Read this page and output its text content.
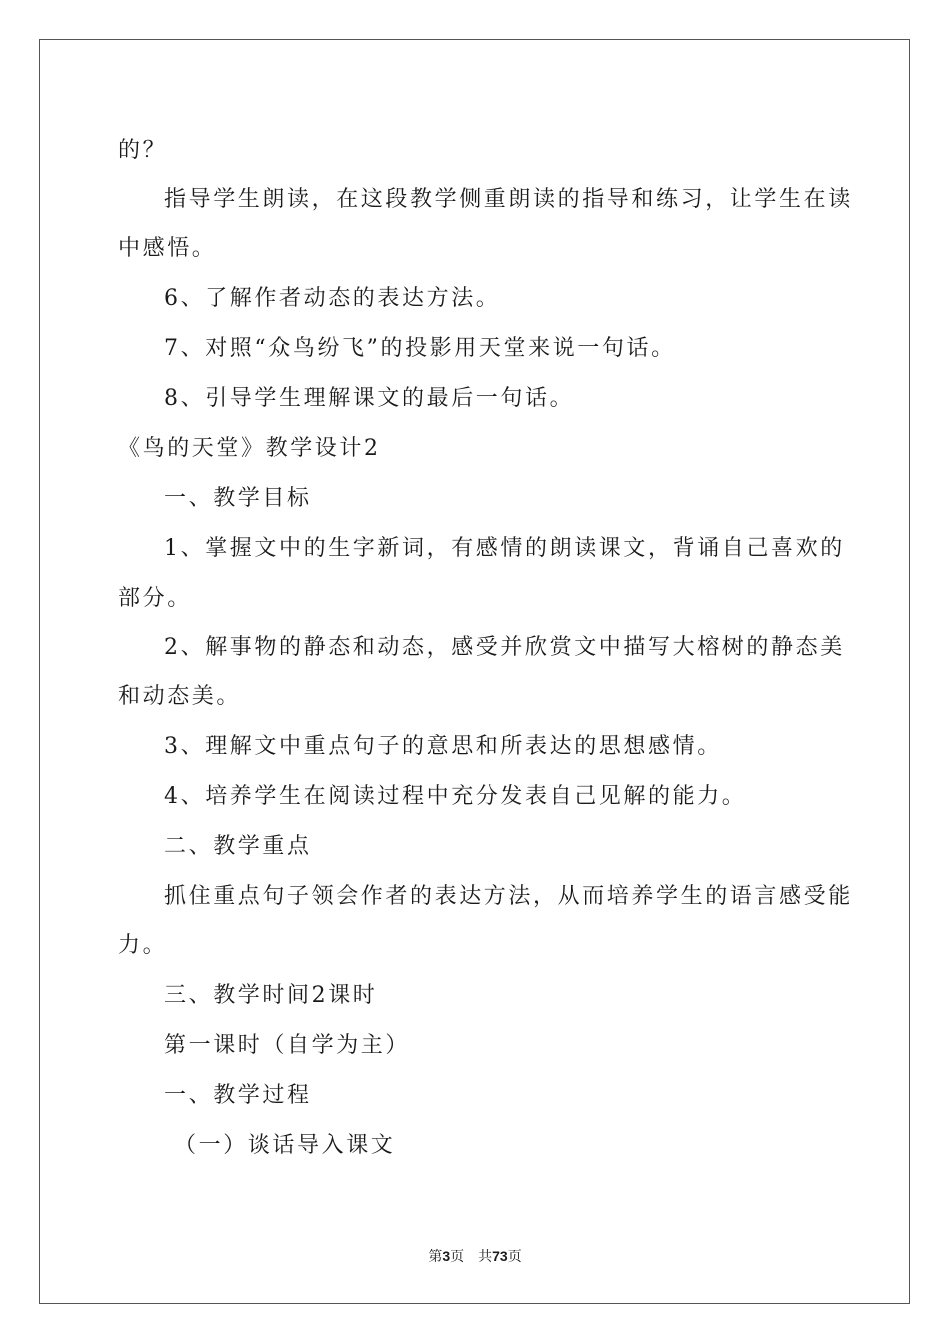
的？
指导学生朗读，在这段教学侧重朗读的指导和练习，让学生在读
中感悟。
6、了解作者动态的表达方法。
7、对照“众鸟纷飞”的投影用天堂来说一句话。
8、引导学生理解课文的最后一句话。
《鸟的天堂》教学设计2
一、教学目标
1、掌握文中的生字新词，有感情的朗读课文，背诵自己喜欢的
部分。
2、解事物的静态和动态，感受并欣赏文中描写大榕树的静态美
和动态美。
3、理解文中重点句子的意思和所表达的思想感情。
4、培养学生在阅读过程中充分发表自己见解的能力。
二、教学重点
抓住重点句子领会作者的表达方法，从而培养学生的语言感受能
力。
三、教学时间2课时
第一课时（自学为主）
一、教学过程
（一）谈话导入课文
第3页 共73页
